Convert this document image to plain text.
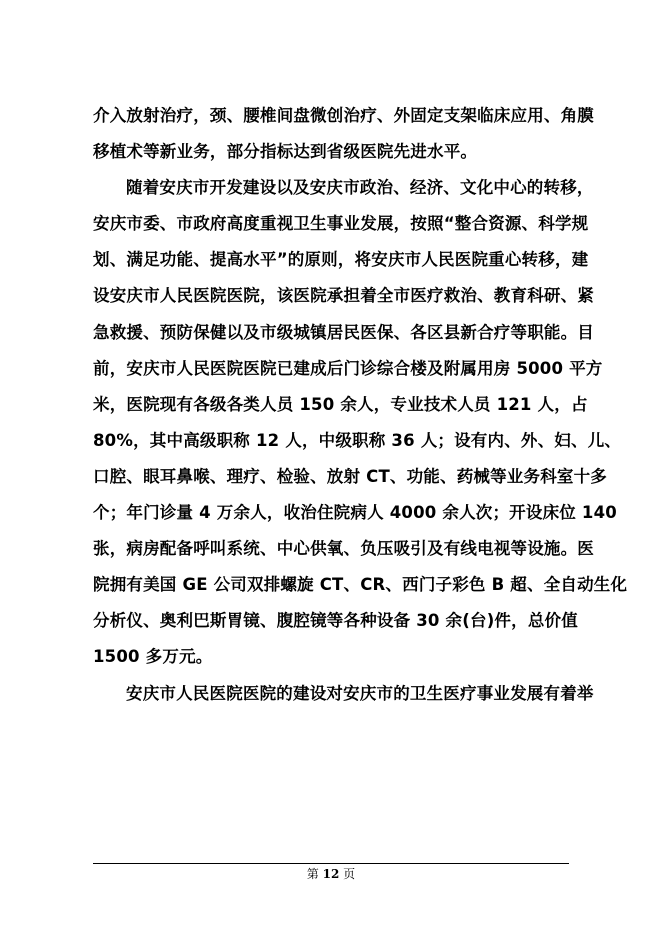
介入放射治疗，颈、腰椎间盘微创治疗、外固定支架临床应用、角膜
移植术等新业务，部分指标达到省级医院先进水平。
随着安庆市开发建设以及安庆市政治、经济、文化中心的转移，
安庆市委、市政府高度重视卫生事业发展，按照“整合资源、科学规
划、满足功能、提高水平”的原则，将安庆市人民医院重心转移，建
设安庆市人民医院医院，该医院承担着全市医疗救治、教育科研、紧
急救援、预防保健以及市级城镇居民医保、各区县新合疗等职能。目
前，安庆市人民医院医院已建成后门诊综合楼及附属用房 5000 平方
米，医院现有各级各类人员 150 余人，专业技术人员 121 人，占
80%，其中高级职称 12 人，中级职称 36 人；设有内、外、妇、儿、
口腔、眼耳鼻喉、理疗、检验、放射 CT、功能、药械等业务科室十多
个；年门诊量 4 万余人，收治住院病人 4000 余人次；开设床位 140
张，病房配备呼叫系统、中心供氧、负压吸引及有线电视等设施。医
院拥有美国 GE 公司双排螺旋 CT、CR、西门子彩色 B 超、全自动生化
分析仪、奥利巴斯胃镜、腹腔镜等各种设备 30 余(台)件，总价值
1500 多万元。
安庆市人民医院医院的建设对安庆市的卫生医疗事业发展有着举
第 12 页
